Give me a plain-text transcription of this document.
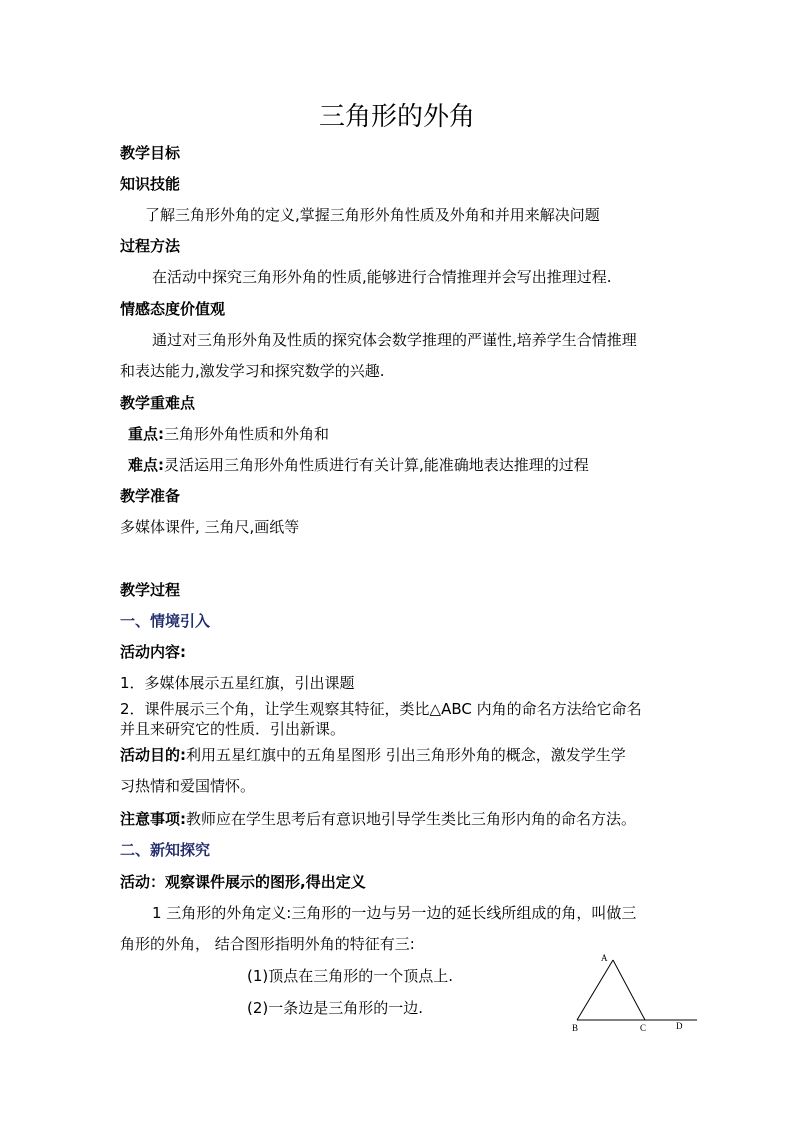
三角形的外角
教学目标
知识技能
了解三角形外角的定义,掌握三角形外角性质及外角和并用来解决问题
过程方法
在活动中探究三角形外角的性质,能够进行合情推理并会写出推理过程.
情感态度价值观
通过对三角形外角及性质的探究体会数学推理的严谨性,培养学生合情推理
和表达能力,激发学习和探究数学的兴趣.
教学重难点
重点:三角形外角性质和外角和
难点:灵活运用三角形外角性质进行有关计算,能准确地表达推理的过程
教学准备
多媒体课件, 三角尺,画纸等
教学过程
一、情境引入
活动内容:
1．多媒体展示五星红旗，引出课题
2．课件展示三个角，让学生观察其特征，类比△ABC 内角的命名方法给它命名
并且来研究它的性质．引出新课。
活动目的:利用五星红旗中的五角星图形 引出三角形外角的概念，激发学生学
习热情和爱国情怀。
注意事项:教师应在学生思考后有意识地引导学生类比三角形内角的命名方法。
二、新知探究
活动：观察课件展示的图形,得出定义
1 三角形的外角定义:三角形的一边与另一边的延长线所组成的角，叫做三
角形的外角， 结合图形指明外角的特征有三:
(1)顶点在三角形的一个顶点上.
(2)一条边是三角形的一边.
A
B	C	D
